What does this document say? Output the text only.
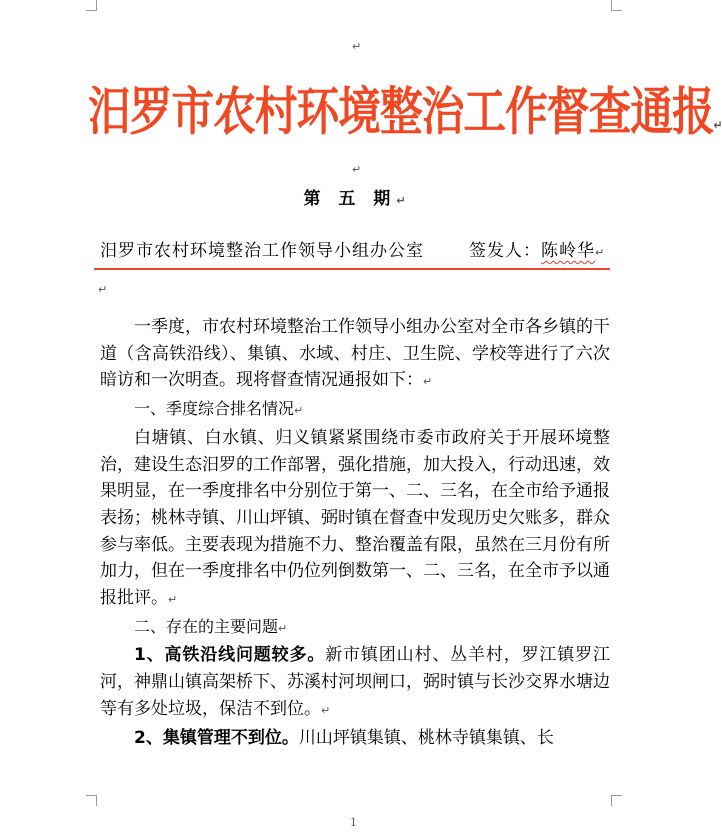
↵
汨罗市农村环境整治工作督查通报↵
↵
第 五 期↵
汨罗市农村环境整治工作领导小组办公室	签发人：陈岭华↵
↵

一季度，市农村环境整治工作领导小组办公室对全市各乡镇的干道（含高铁沿线）、集镇、水域、村庄、卫生院、学校等进行了六次暗访和一次明查。现将督查情况通报如下：↵

一、季度综合排名情况↵

白塘镇、白水镇、归义镇紧紧围绕市委市政府关于开展环境整治，建设生态汨罗的工作部署，强化措施，加大投入，行动迅速，效果明显，在一季度排名中分别位于第一、二、三名，在全市给予通报表扬；桃林寺镇、川山坪镇、弼时镇在督查中发现历史欠账多，群众参与率低。主要表现为措施不力、整治覆盖有限，虽然在三月份有所加力，但在一季度排名中仍位列倒数第一、二、三名，在全市予以通报批评。↵

二、存在的主要问题↵

1、高铁沿线问题较多。新市镇团山村、丛羊村，罗江镇罗江河，神鼎山镇高架桥下、苏溪村河坝闸口，弼时镇与长沙交界水塘边等有多处垃圾，保洁不到位。↵

2、集镇管理不到位。川山坪镇集镇、桃林寺镇集镇、长

1
